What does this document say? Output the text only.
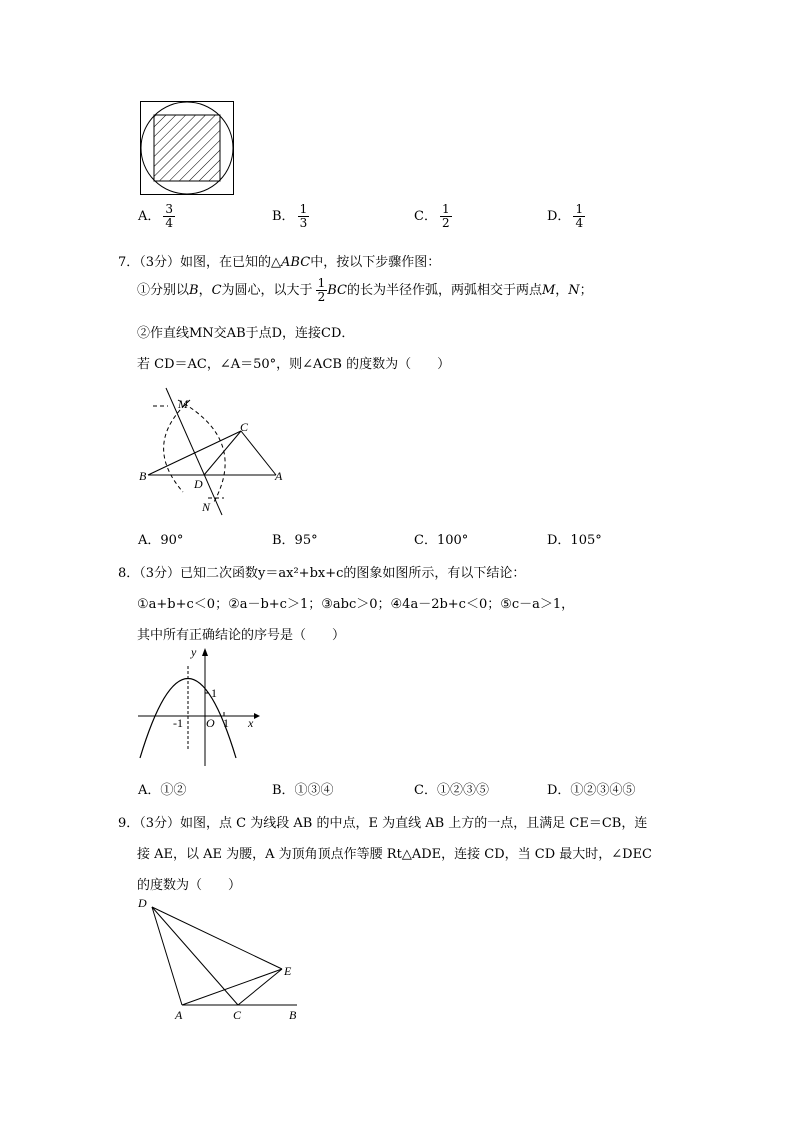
A． $\frac{3}{4}$	B． $\frac{1}{3}$	C． $\frac{1}{2}$	D． $\frac{1}{4}$
7．（3分）如图，在已知的△ABC中，按以下步骤作图：
①分别以B，C为圆心，以大于 $\frac{1}{2}$ BC的长为半径作弧，两弧相交于两点M，N；
②作直线MN交AB于点D，连接CD．
若 CD＝AC，∠A＝50°，则∠ACB 的度数为（　　）
M
C
B
D
A
N
A．90°	B．95°	C．100°	D．105°
8．（3分）已知二次函数y＝ax²+bx+c的图象如图所示，有以下结论：
①a+b+c＜0；②a－b+c＞1；③abc＞0；④4a－2b+c＜0；⑤c－a＞1，
其中所有正确结论的序号是（　　）
y
x
1
-1 O 1
A．①②	B．①③④	C．①②③⑤	D．①②③④⑤
9．（3分）如图，点 C 为线段 AB 的中点，E 为直线 AB 上方的一点，且满足 CE＝CB，连
接 AE，以 AE 为腰，A 为顶角顶点作等腰 Rt△ADE，连接 CD，当 CD 最大时，∠DEC
的度数为（　　）
D
E
A	C	B
